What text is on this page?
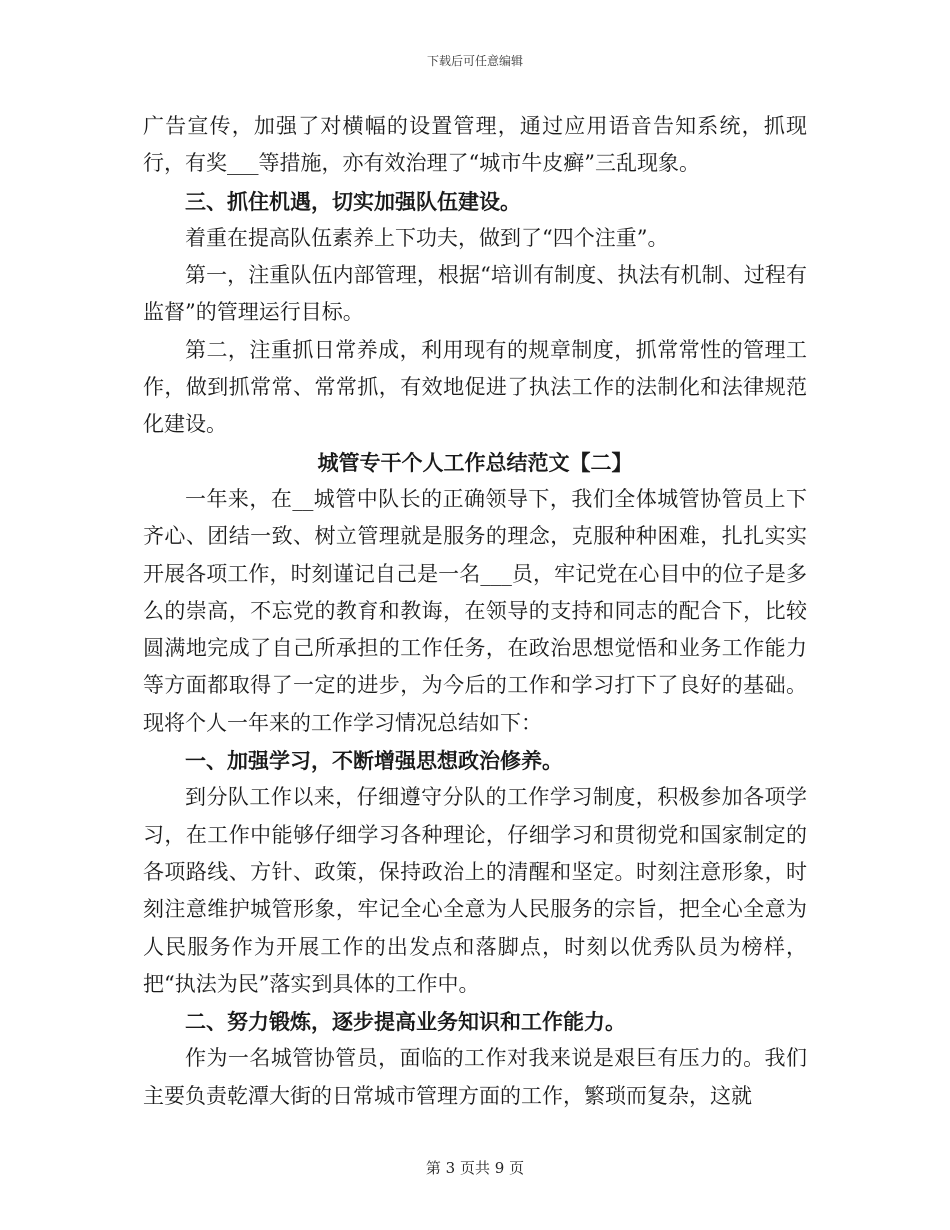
下载后可任意编辑

广告宣传，加强了对横幅的设置管理，通过应用语音告知系统，抓现行，有奖___等措施，亦有效治理了“城市牛皮癣”三乱现象。

三、抓住机遇，切实加强队伍建设。

着重在提高队伍素养上下功夫，做到了“四个注重”。

第一，注重队伍内部管理，根据“培训有制度、执法有机制、过程有监督”的管理运行目标。

第二，注重抓日常养成，利用现有的规章制度，抓常常性的管理工作，做到抓常常、常常抓，有效地促进了执法工作的法制化和法律规范化建设。

城管专干个人工作总结范文【二】

一年来，在__城管中队长的正确领导下，我们全体城管协管员上下齐心、团结一致、树立管理就是服务的理念，克服种种困难，扎扎实实开展各项工作，时刻谨记自己是一名___员，牢记党在心目中的位子是多么的崇高，不忘党的教育和教诲，在领导的支持和同志的配合下，比较圆满地完成了自己所承担的工作任务，在政治思想觉悟和业务工作能力等方面都取得了一定的进步，为今后的工作和学习打下了良好的基础。现将个人一年来的工作学习情况总结如下：

一、加强学习，不断增强思想政治修养。

到分队工作以来，仔细遵守分队的工作学习制度，积极参加各项学习，在工作中能够仔细学习各种理论，仔细学习和贯彻党和国家制定的各项路线、方针、政策，保持政治上的清醒和坚定。时刻注意形象，时刻注意维护城管形象，牢记全心全意为人民服务的宗旨，把全心全意为人民服务作为开展工作的出发点和落脚点，时刻以优秀队员为榜样，把“执法为民”落实到具体的工作中。

二、努力锻炼，逐步提高业务知识和工作能力。

作为一名城管协管员，面临的工作对我来说是艰巨有压力的。我们主要负责乾潭大街的日常城市管理方面的工作，繁琐而复杂，这就

第 3 页共 9 页
